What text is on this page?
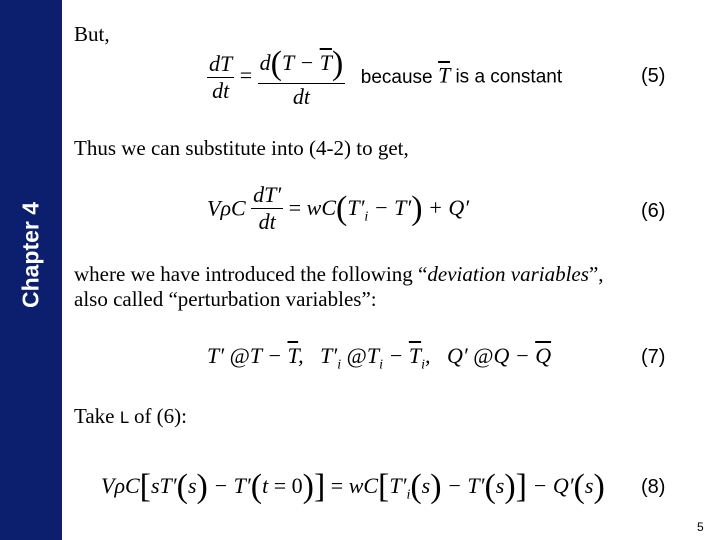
Chapter 4
But,
$\frac{dT}{dt} = \frac{d(T - \overline{T})}{dt}$ because $\overline{T}$ is a constant	(5)
Thus we can substitute into (4-2) to get,
VρC $\frac{dT'}{dt} = wC(T'_i - T') + Q'$	(6)
where we have introduced the following “deviation variables”,
also called “perturbation variables”:
T′ @T − $\overline{T}$,   $T'_i$ $@T_i - \overline{T}_i$,   Q′ @Q − $\overline{Q}$	(7)
Take L of (6):
$V\rho C[sT'(s) - T'(t = 0)] = wC[T'_i(s) - T'(s)] - Q'(s)$ (8)
5
